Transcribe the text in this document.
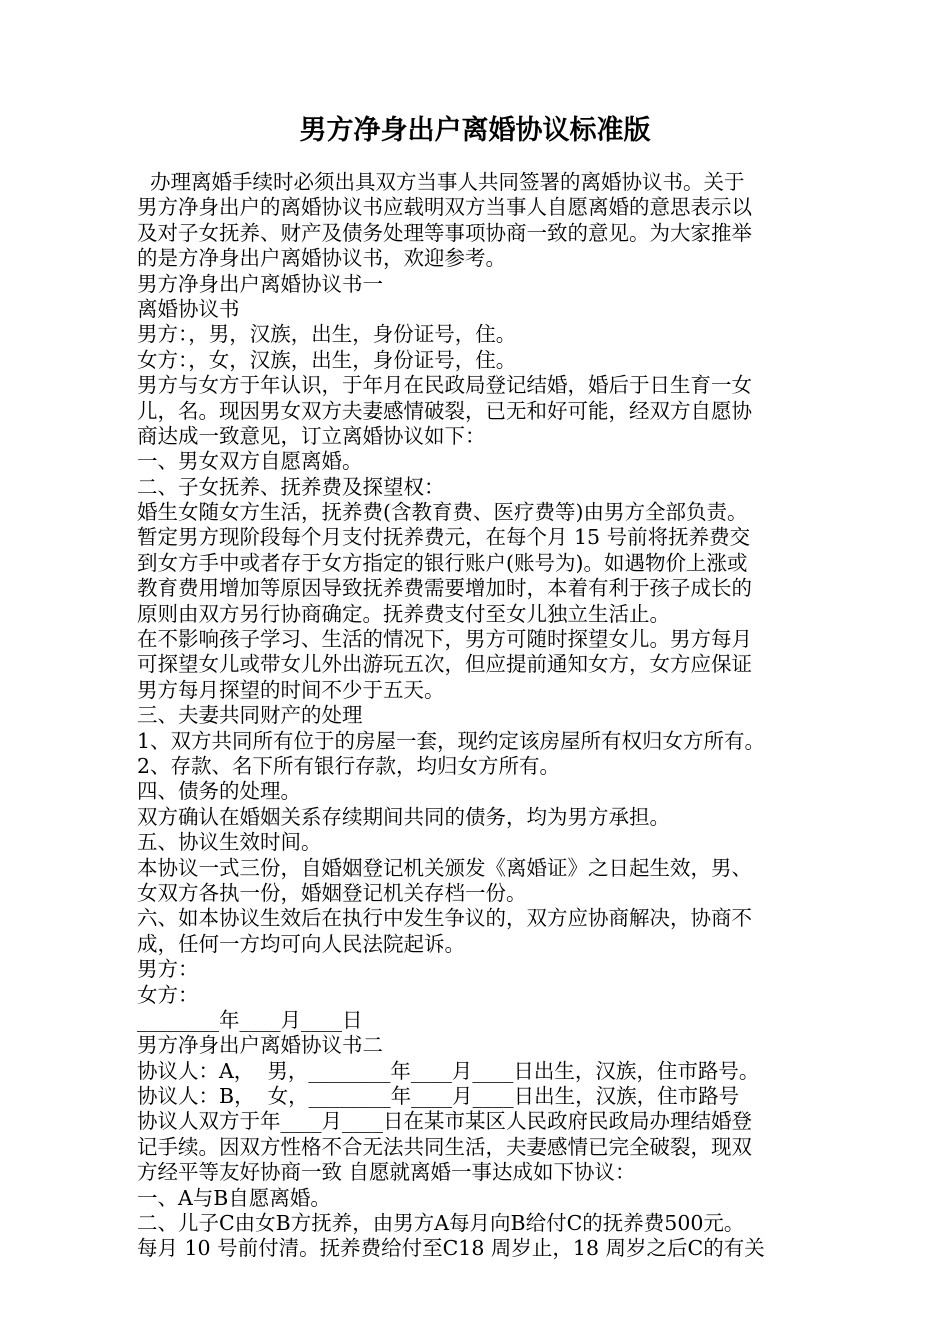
男方净身出户离婚协议标准版
办理离婚手续时必须出具双方当事人共同签署的离婚协议书。关于
男方净身出户的离婚协议书应载明双方当事人自愿离婚的意思表示以
及对子女抚养、财产及债务处理等事项协商一致的意见。为大家推举
的是方净身出户离婚协议书，欢迎参考。
男方净身出户离婚协议书一
离婚协议书
男方：，男，汉族，出生，身份证号，住。
女方：，女，汉族，出生，身份证号，住。
男方与女方于年认识，于年月在民政局登记结婚，婚后于日生育一女
儿，名。现因男女双方夫妻感情破裂，已无和好可能，经双方自愿协
商达成一致意见，订立离婚协议如下：
一、男女双方自愿离婚。
二、子女抚养、抚养费及探望权：
婚生女随女方生活，抚养费(含教育费、医疗费等)由男方全部负责。
暂定男方现阶段每个月支付抚养费元，在每个月 15 号前将抚养费交
到女方手中或者存于女方指定的银行账户(账号为)。如遇物价上涨或
教育费用增加等原因导致抚养费需要增加时，本着有利于孩子成长的
原则由双方另行协商确定。抚养费支付至女儿独立生活止。
在不影响孩子学习、生活的情况下，男方可随时探望女儿。男方每月
可探望女儿或带女儿外出游玩五次，但应提前通知女方，女方应保证
男方每月探望的时间不少于五天。
三、夫妻共同财产的处理
1、双方共同所有位于的房屋一套，现约定该房屋所有权归女方所有。
2、存款、名下所有银行存款，均归女方所有。
四、债务的处理。
双方确认在婚姻关系存续期间共同的债务，均为男方承担。
五、协议生效时间。
本协议一式三份，自婚姻登记机关颁发《离婚证》之日起生效，男、
女双方各执一份，婚姻登记机关存档一份。
六、如本协议生效后在执行中发生争议的，双方应协商解决，协商不
成，任何一方均可向人民法院起诉。
男方：
女方：
________年____月____日
男方净身出户离婚协议书二
协议人：A，  男，________年____月____日出生，汉族，住市路号。
协议人：B，  女，________年____月____日出生，汉族，住市路号
协议人双方于年____月____日在某市某区人民政府民政局办理结婚登
记手续。因双方性格不合无法共同生活，夫妻感情已完全破裂，现双
方经平等友好协商一致 自愿就离婚一事达成如下协议：
一、A与B自愿离婚。
二、儿子C由女B方抚养，由男方A每月向B给付C的抚养费500元。
每月 10 号前付清。抚养费给付至C18 周岁止，18 周岁之后C的有关
